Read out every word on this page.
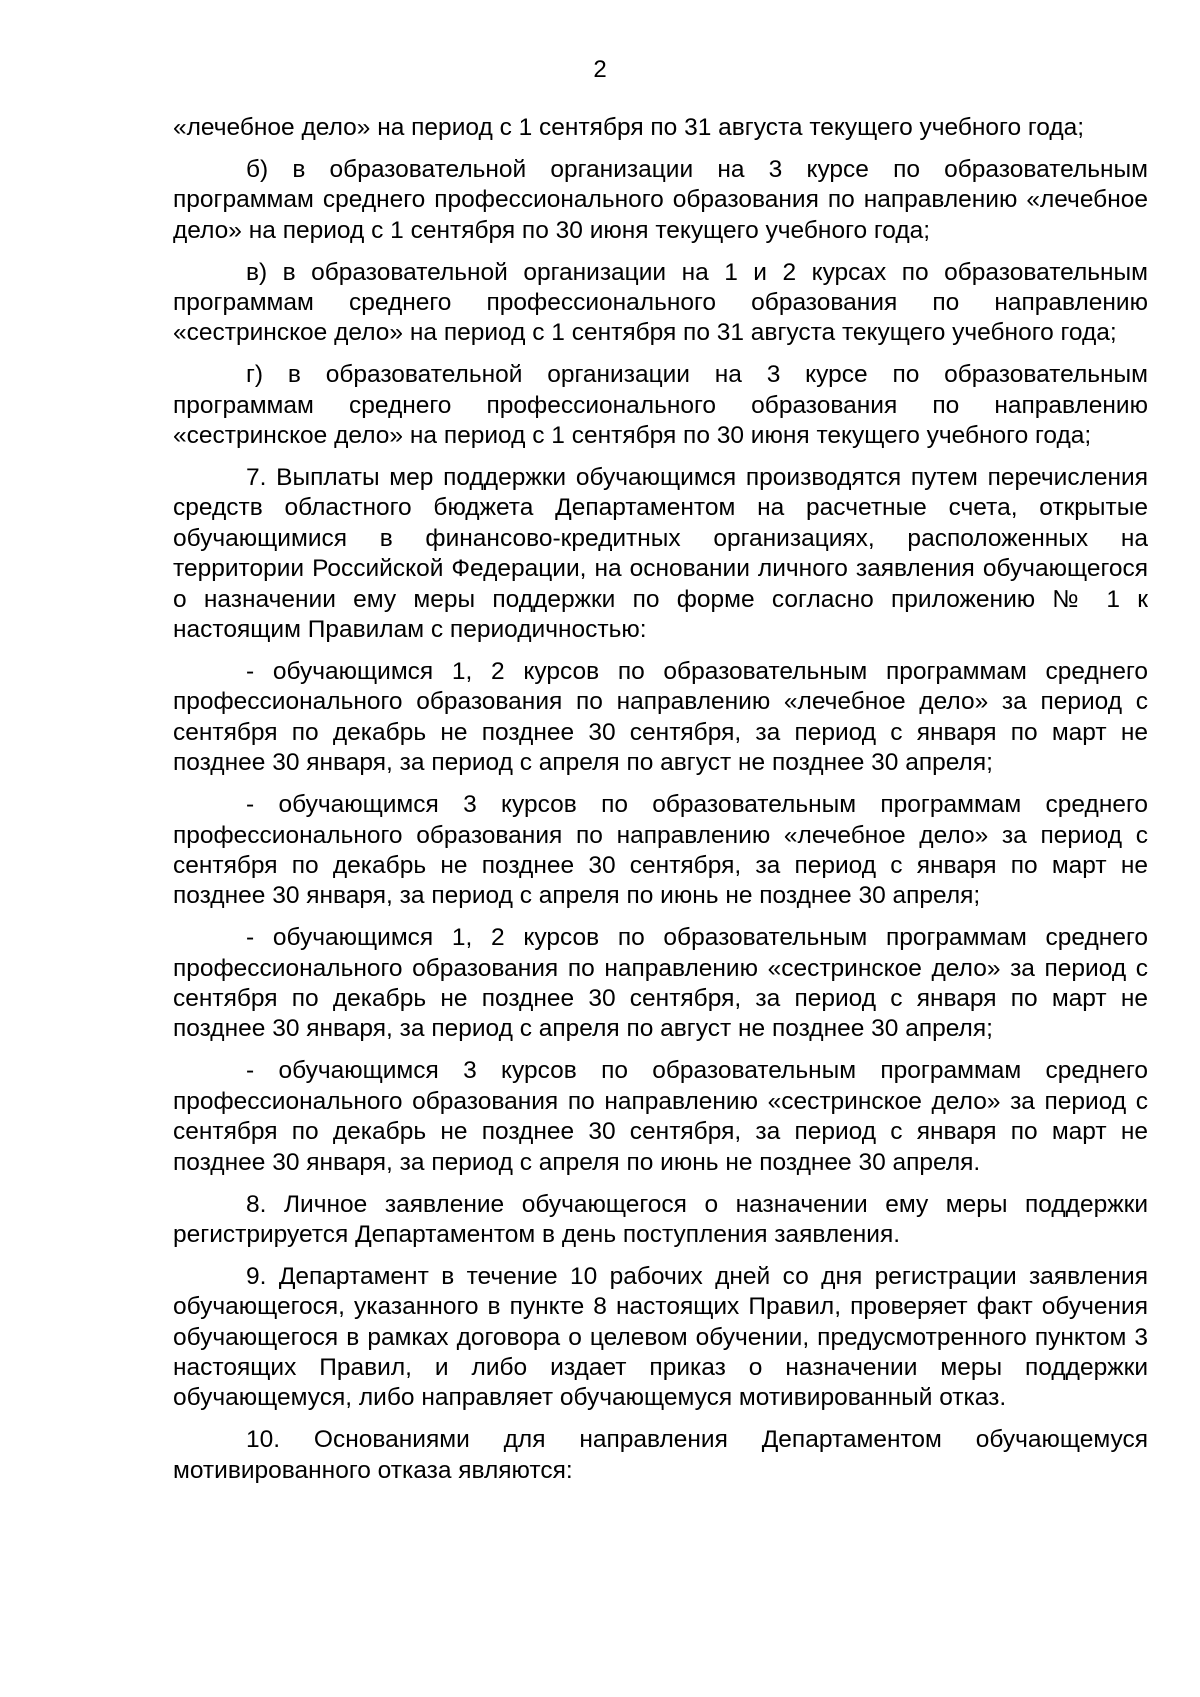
2

«лечебное дело» на период с 1 сентября по 31 августа текущего учебного года;

б) в образовательной организации на 3 курсе по образовательным программам среднего профессионального образования по направлению «лечебное дело» на период с 1 сентября по 30 июня текущего учебного года;

в) в образовательной организации на 1 и 2 курсах по образовательным программам среднего профессионального образования по направлению «сестринское дело» на период с 1 сентября по 31 августа текущего учебного года;

г) в образовательной организации на 3 курсе по образовательным программам среднего профессионального образования по направлению «сестринское дело» на период с 1 сентября по 30 июня текущего учебного года;

7. Выплаты мер поддержки обучающимся производятся путем перечисления средств областного бюджета Департаментом на расчетные счета, открытые обучающимися в финансово-кредитных организациях, расположенных на территории Российской Федерации, на основании личного заявления обучающегося о назначении ему меры поддержки по форме согласно приложению № 1 к настоящим Правилам с периодичностью:

- обучающимся 1, 2 курсов по образовательным программам среднего профессионального образования по направлению «лечебное дело» за период с сентября по декабрь не позднее 30 сентября, за период с января по март не позднее 30 января, за период с апреля по август не позднее 30 апреля;

- обучающимся 3 курсов по образовательным программам среднего профессионального образования по направлению «лечебное дело» за период с сентября по декабрь не позднее 30 сентября, за период с января по март не позднее 30 января, за период с апреля по июнь не позднее 30 апреля;

- обучающимся 1, 2 курсов по образовательным программам среднего профессионального образования по направлению «сестринское дело» за период с сентября по декабрь не позднее 30 сентября, за период с января по март не позднее 30 января, за период с апреля по август не позднее 30 апреля;

- обучающимся 3 курсов по образовательным программам среднего профессионального образования по направлению «сестринское дело» за период с сентября по декабрь не позднее 30 сентября, за период с января по март не позднее 30 января, за период с апреля по июнь не позднее 30 апреля.

8. Личное заявление обучающегося о назначении ему меры поддержки регистрируется Департаментом в день поступления заявления.

9. Департамент в течение 10 рабочих дней со дня регистрации заявления обучающегося, указанного в пункте 8 настоящих Правил, проверяет факт обучения обучающегося в рамках договора о целевом обучении, предусмотренного пунктом 3 настоящих Правил, и либо издает приказ о назначении меры поддержки обучающемуся, либо направляет обучающемуся мотивированный отказ.

10. Основаниями для направления Департаментом обучающемуся мотивированного отказа являются:
